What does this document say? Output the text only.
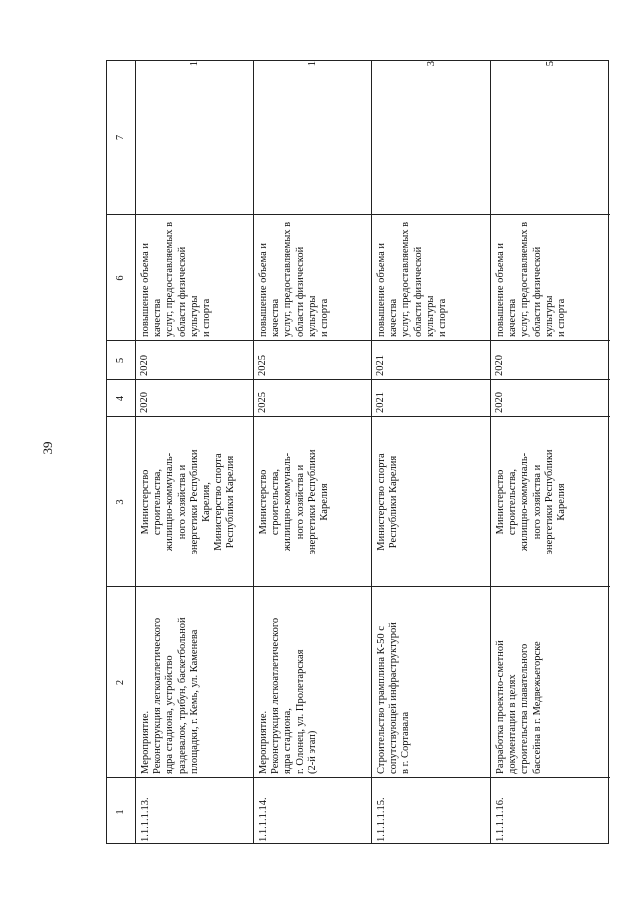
39
1
2
3
4
5
6
7
1.1.1.1.13.
Мероприятие.
Реконструкция легкоатлетического
ядра стадиона, устройство
раздевалок, трибун, баскетбольной
площадки, г. Кемь, ул. Каменева
Министерство
строительства,
жилищно-коммуналь-
ного хозяйства и
энергетики Республики
Карелия,
Министерство спорта
Республики Карелия
2020
2020
повышение объема и качества
услуг, предоставляемых в
области физической культуры
и спорта
1
1.1.1.1.14.
Мероприятие.
Реконструкция легкоатлетического
ядра стадиона,
г. Олонец, ул. Пролетарская
(2-й этап)
Министерство
строительства,
жилищно-коммуналь-
ного хозяйства и
энергетики Республики
Карелия
2025
2025
повышение объема и качества
услуг, предоставляемых в
области физической культуры
и спорта
1
1.1.1.1.15.
Строительство трамплина К-50 с
сопутствующей инфраструктурой
в г. Сортавала
Министерство спорта
Республики Карелия
2021
2021
повышение объема и качества
услуг, предоставляемых в
области физической культуры
и спорта
3
1.1.1.1.16.
Разработка проектно-сметной
документации в целях
строительства плавательного
бассейна в г. Медвежьегорске
Министерство
строительства,
жилищно-коммуналь-
ного хозяйства и
энергетики Республики
Карелия
2020
2020
повышение объема и качества
услуг, предоставляемых в
области физической культуры
и спорта
5
